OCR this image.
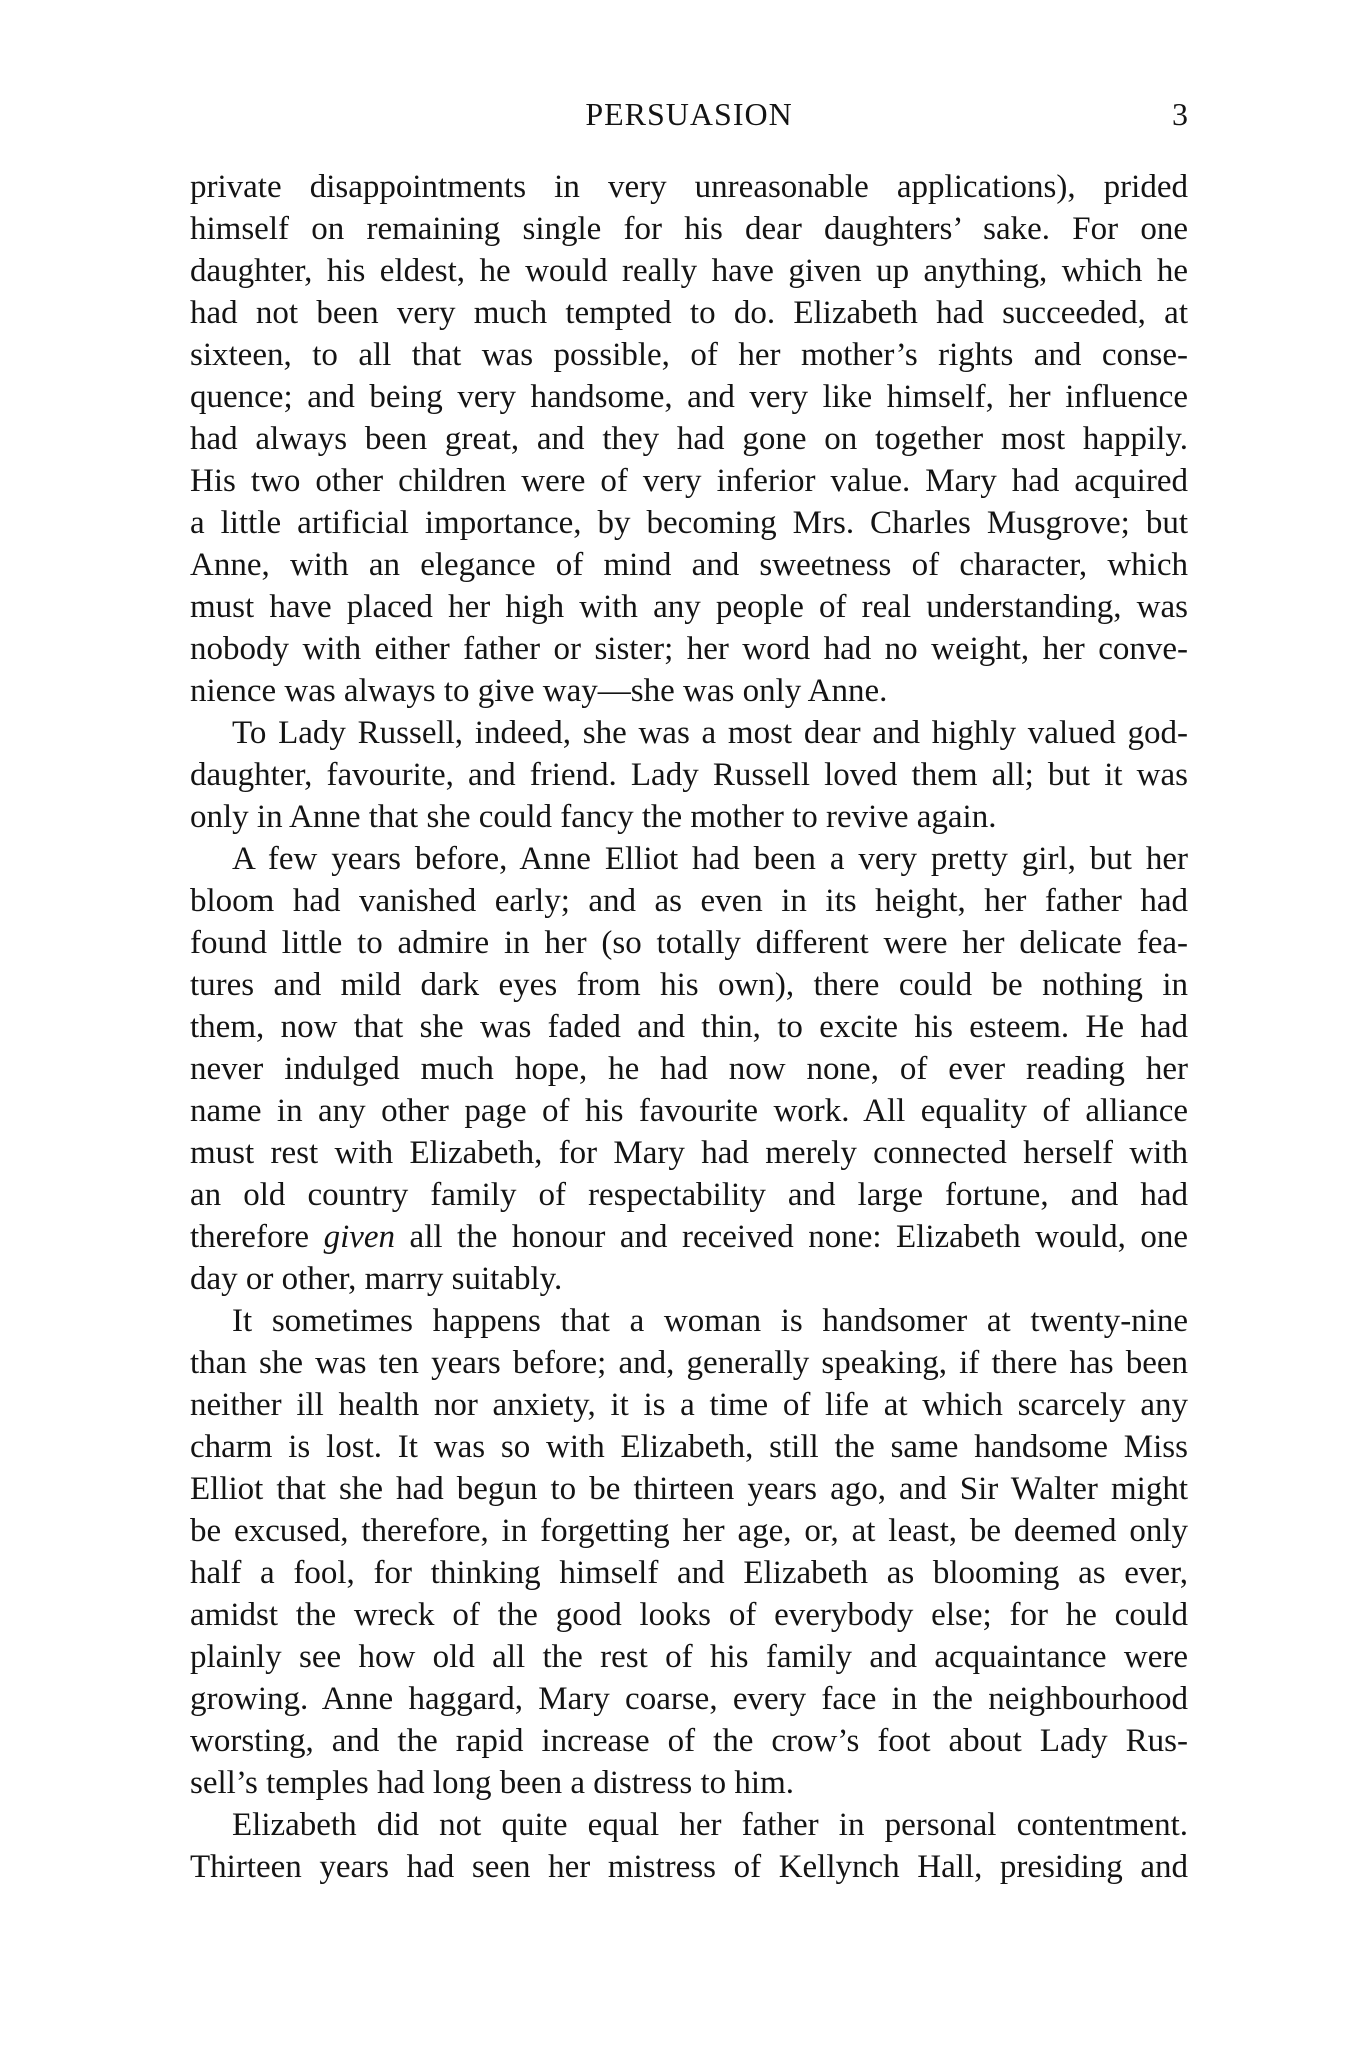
PERSUASION	3
private disappointments in very unreasonable applications), prided
himself on remaining single for his dear daughters’ sake. For one
daughter, his eldest, he would really have given up anything, which he
had not been very much tempted to do. Elizabeth had succeeded, at
sixteen, to all that was possible, of her mother’s rights and conse-
quence; and being very handsome, and very like himself, her influence
had always been great, and they had gone on together most happily.
His two other children were of very inferior value. Mary had acquired
a little artificial importance, by becoming Mrs. Charles Musgrove; but
Anne, with an elegance of mind and sweetness of character, which
must have placed her high with any people of real understanding, was
nobody with either father or sister; her word had no weight, her conve-
nience was always to give way—she was only Anne.
To Lady Russell, indeed, she was a most dear and highly valued god-
daughter, favourite, and friend. Lady Russell loved them all; but it was
only in Anne that she could fancy the mother to revive again.
A few years before, Anne Elliot had been a very pretty girl, but her
bloom had vanished early; and as even in its height, her father had
found little to admire in her (so totally different were her delicate fea-
tures and mild dark eyes from his own), there could be nothing in
them, now that she was faded and thin, to excite his esteem. He had
never indulged much hope, he had now none, of ever reading her
name in any other page of his favourite work. All equality of alliance
must rest with Elizabeth, for Mary had merely connected herself with
an old country family of respectability and large fortune, and had
therefore given all the honour and received none: Elizabeth would, one
day or other, marry suitably.
It sometimes happens that a woman is handsomer at twenty-nine
than she was ten years before; and, generally speaking, if there has been
neither ill health nor anxiety, it is a time of life at which scarcely any
charm is lost. It was so with Elizabeth, still the same handsome Miss
Elliot that she had begun to be thirteen years ago, and Sir Walter might
be excused, therefore, in forgetting her age, or, at least, be deemed only
half a fool, for thinking himself and Elizabeth as blooming as ever,
amidst the wreck of the good looks of everybody else; for he could
plainly see how old all the rest of his family and acquaintance were
growing. Anne haggard, Mary coarse, every face in the neighbourhood
worsting, and the rapid increase of the crow’s foot about Lady Rus-
sell’s temples had long been a distress to him.
Elizabeth did not quite equal her father in personal contentment.
Thirteen years had seen her mistress of Kellynch Hall, presiding and
